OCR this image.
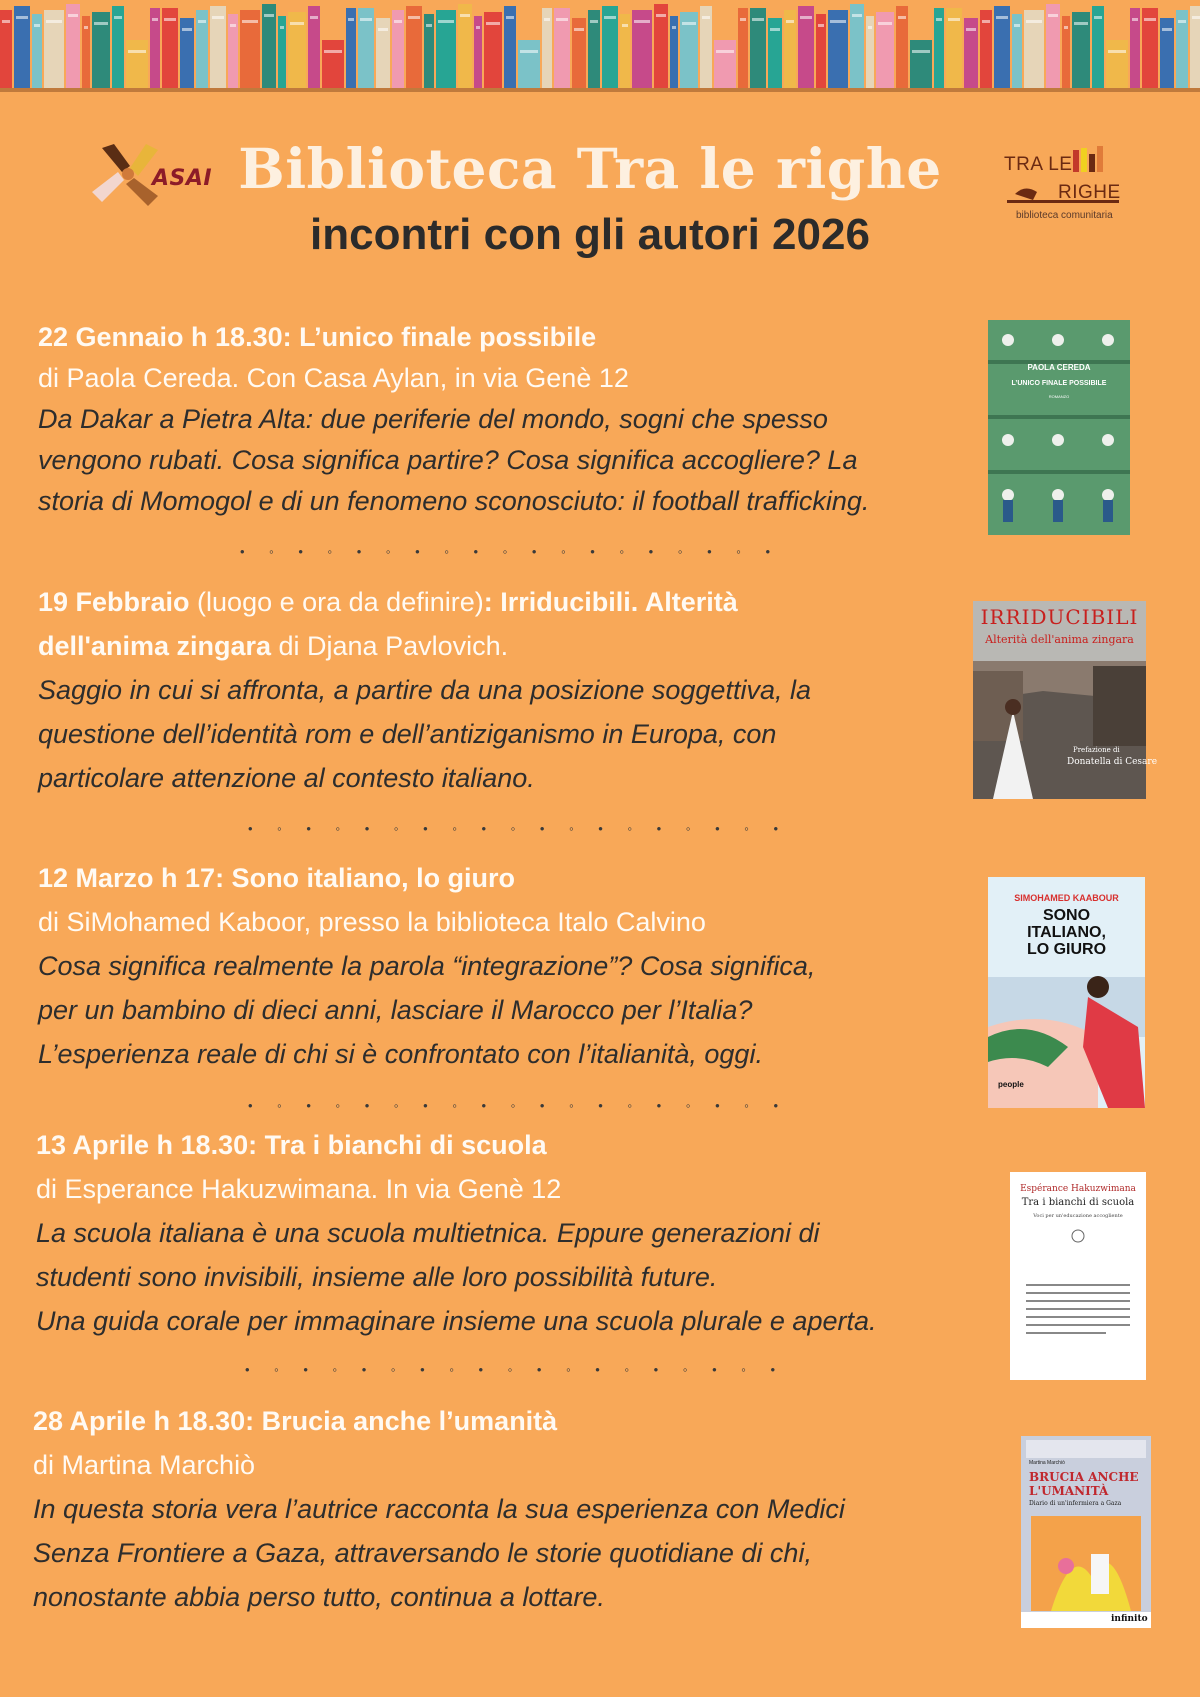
ASAI Biblioteca Tra le righe
incontri con gli autori 2026
TRA LE
RIGHE
biblioteca comunitaria
22 Gennaio h 18.30: L’unico finale possibile
di Paola Cereda. Con Casa Aylan, in via Genè 12
Da Dakar a Pietra Alta: due periferie del mondo, sogni che spesso
vengono rubati. Cosa significa partire? Cosa significa accogliere? La
storia di Momogol e di un fenomeno sconosciuto: il football trafficking.
PAOLA CEREDA
L’UNICO FINALE POSSIBILE
ROMANZO
• ◦ • ◦ • ◦ • ◦ • ◦ • ◦ • ◦ • ◦ • ◦ •
19 Febbraio (luogo e ora da definire): Irriducibili. Alterità
dell'anima zingara di Djana Pavlovich.
Saggio in cui si affronta, a partire da una posizione soggettiva, la
questione dell’identità rom e dell’antiziganismo in Europa, con
particolare attenzione al contesto italiano.
IRRIDUCIBILI
Alterità dell'anima zingara
Prefazione di
Donatella di Cesare
• ◦ • ◦ • ◦ • ◦ • ◦ • ◦ • ◦ • ◦ • ◦ •
12 Marzo h 17: Sono italiano, lo giuro
di SiMohamed Kaboor, presso la biblioteca Italo Calvino
Cosa significa realmente la parola “integrazione”? Cosa significa,
per un bambino di dieci anni, lasciare il Marocco per l’Italia?
L’esperienza reale di chi si è confrontato con l’italianità, oggi.
SIMOHAMED KAABOUR
SONO
ITALIANO,
LO GIURO
people
• ◦ • ◦ • ◦ • ◦ • ◦ • ◦ • ◦ • ◦ • ◦ •
13 Aprile h 18.30: Tra i bianchi di scuola
di Esperance Hakuzwimana. In via Genè 12
La scuola italiana è una scuola multietnica. Eppure generazioni di
studenti sono invisibili, insieme alle loro possibilità future.
Una guida corale per immaginare insieme una scuola plurale e aperta.
Espérance Hakuzwimana
Tra i bianchi di scuola
Voci per un'educazione accogliente
• ◦ • ◦ • ◦ • ◦ • ◦ • ◦ • ◦ • ◦ • ◦ •
28 Aprile h 18.30: Brucia anche l’umanità
di Martina Marchiò
In questa storia vera l’autrice racconta la sua esperienza con Medici
Senza Frontiere a Gaza, attraversando le storie quotidiane di chi,
nonostante abbia perso tutto, continua a lottare.
Martina Marchiò
BRUCIA ANCHE
L'UMANITÀ
Diario di un'infermiera a Gaza
infinito
